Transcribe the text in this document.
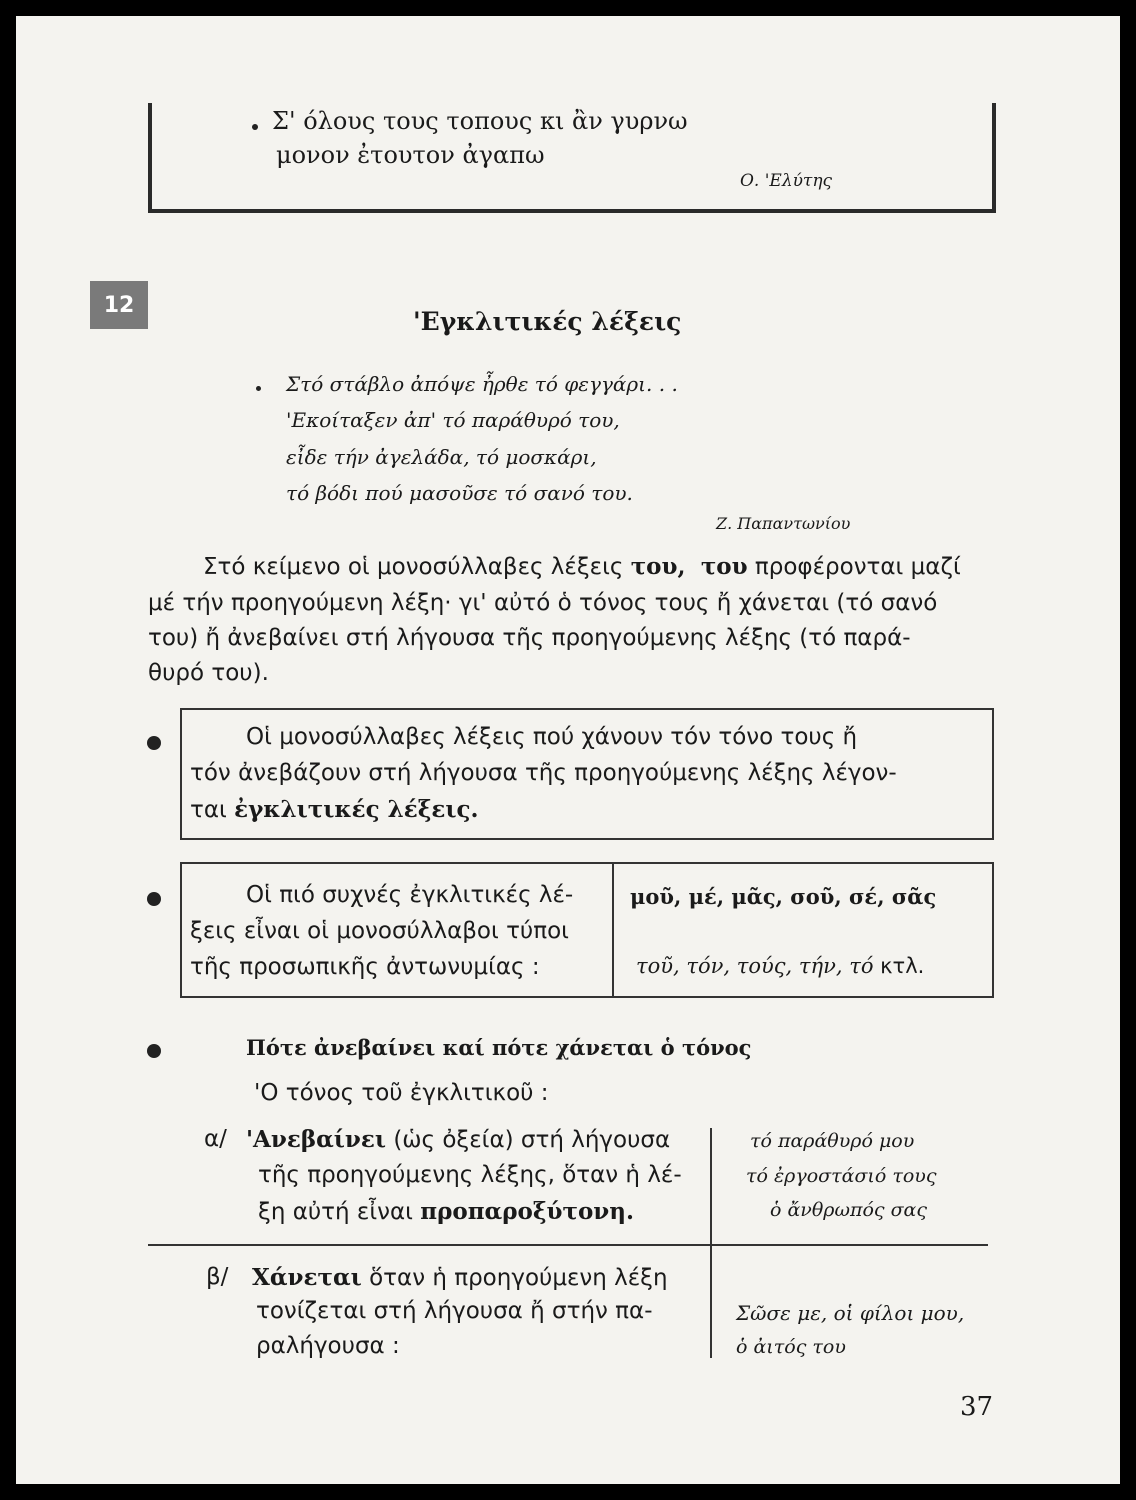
Σ' όλους τους τοπους κι ἂν γυρνω
μονον ἐτουτον ἀγαπω
Ο. 'Ελύτης
12
'Εγκλιτικές λέξεις
Στό στάβλο ἀπόψε ἦρθε τό φεγγάρι. . .
'Εκοίταξεν ἀπ' τό παράθυρό του,
εἶδε τήν ἀγελάδα, τό μοσκάρι,
τό βόδι πού μασοῦσε τό σανό του.
Ζ. Παπαντωνίου
Στό κείμενο οἱ μονοσύλλαβες λέξεις του, του προφέρονται μαζί
μέ τήν προηγούμενη λέξη· γι' αὐτό ὁ τόνος τους ἤ χάνεται (τό σανό
του) ἤ ἀνεβαίνει στή λήγουσα τῆς προηγούμενης λέξης (τό παρά-
θυρό του).
Οἱ μονοσύλλαβες λέξεις πού χάνουν τόν τόνο τους ἤ
τόν ἀνεβάζουν στή λήγουσα τῆς προηγούμενης λέξης λέγον-
ται ἐγκλιτικές λέξεις.
Οἱ πιό συχνές ἐγκλιτικές λέ-
ξεις εἶναι οἱ μονοσύλλαβοι τύποι
τῆς προσωπικῆς ἀντωνυμίας :
μοῦ, μέ, μᾶς, σοῦ, σέ, σᾶς
τοῦ, τόν, τούς, τήν, τό κτλ.
Πότε ἀνεβαίνει καί πότε χάνεται ὁ τόνος
'Ο τόνος τοῦ ἐγκλιτικοῦ :
α/ 'Ανεβαίνει (ὡς ὀξεία) στή λήγουσα
τῆς προηγούμενης λέξης, ὅταν ἡ λέ-
ξη αὐτή εἶναι προπαροξύτονη.
τό παράθυρό μου
τό ἐργοστάσιό τους
ὁ ἄνθρωπός σας
β/ Χάνεται ὅταν ἡ προηγούμενη λέξη
τονίζεται στή λήγουσα ἤ στήν πα-
ραλήγουσα :
Σῶσε με, οἱ φίλοι μου,
ὁ ἀιτός του
37
